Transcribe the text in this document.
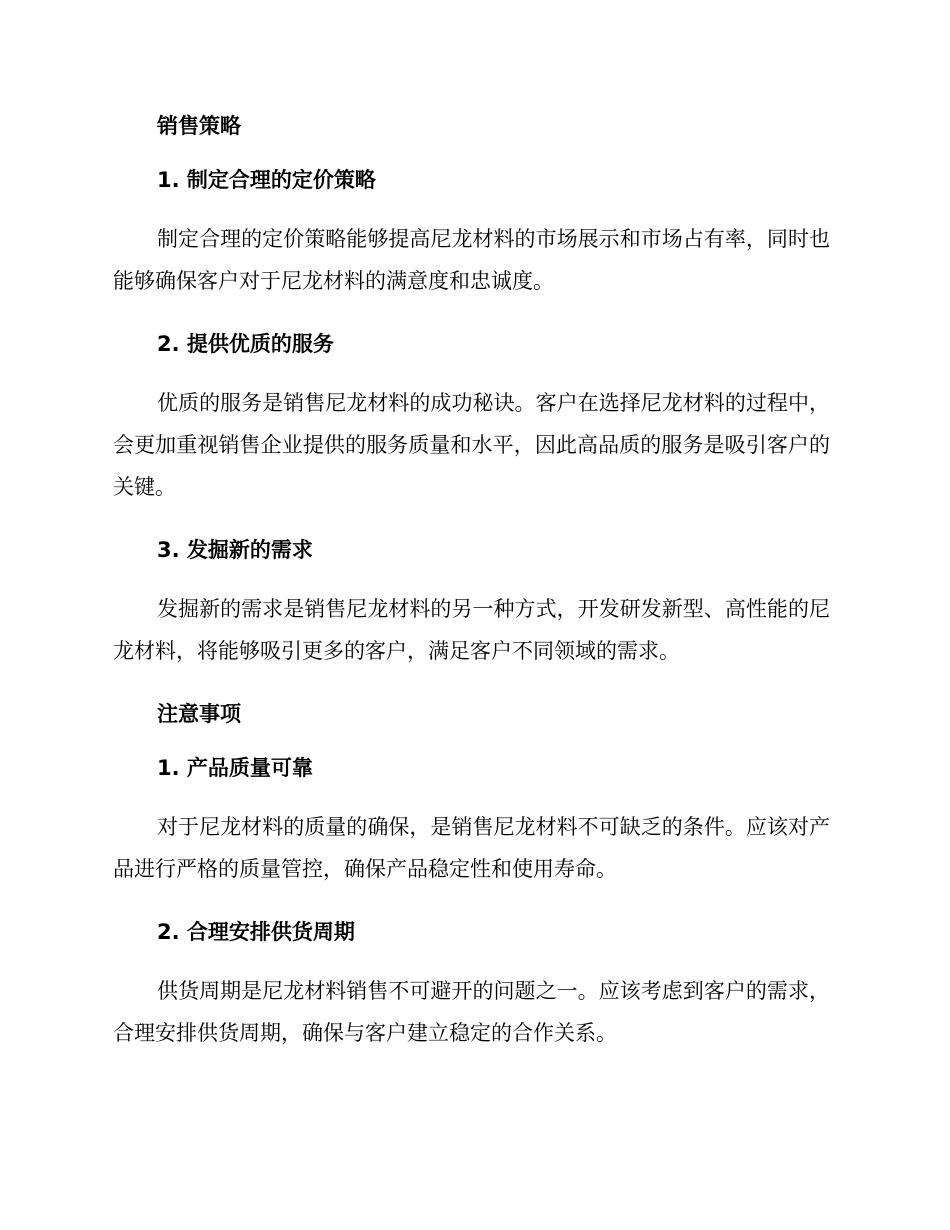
销售策略
1. 制定合理的定价策略

制定合理的定价策略能够提高尼龙材料的市场展示和市场占有率，同时也能够确保客户对于尼龙材料的满意度和忠诚度。

2. 提供优质的服务

优质的服务是销售尼龙材料的成功秘诀。客户在选择尼龙材料的过程中，会更加重视销售企业提供的服务质量和水平，因此高品质的服务是吸引客户的关键。

3. 发掘新的需求

发掘新的需求是销售尼龙材料的另一种方式，开发研发新型、高性能的尼龙材料，将能够吸引更多的客户，满足客户不同领域的需求。

注意事项
1. 产品质量可靠

对于尼龙材料的质量的确保，是销售尼龙材料不可缺乏的条件。应该对产品进行严格的质量管控，确保产品稳定性和使用寿命。

2. 合理安排供货周期

供货周期是尼龙材料销售不可避开的问题之一。应该考虑到客户的需求，合理安排供货周期，确保与客户建立稳定的合作关系。
